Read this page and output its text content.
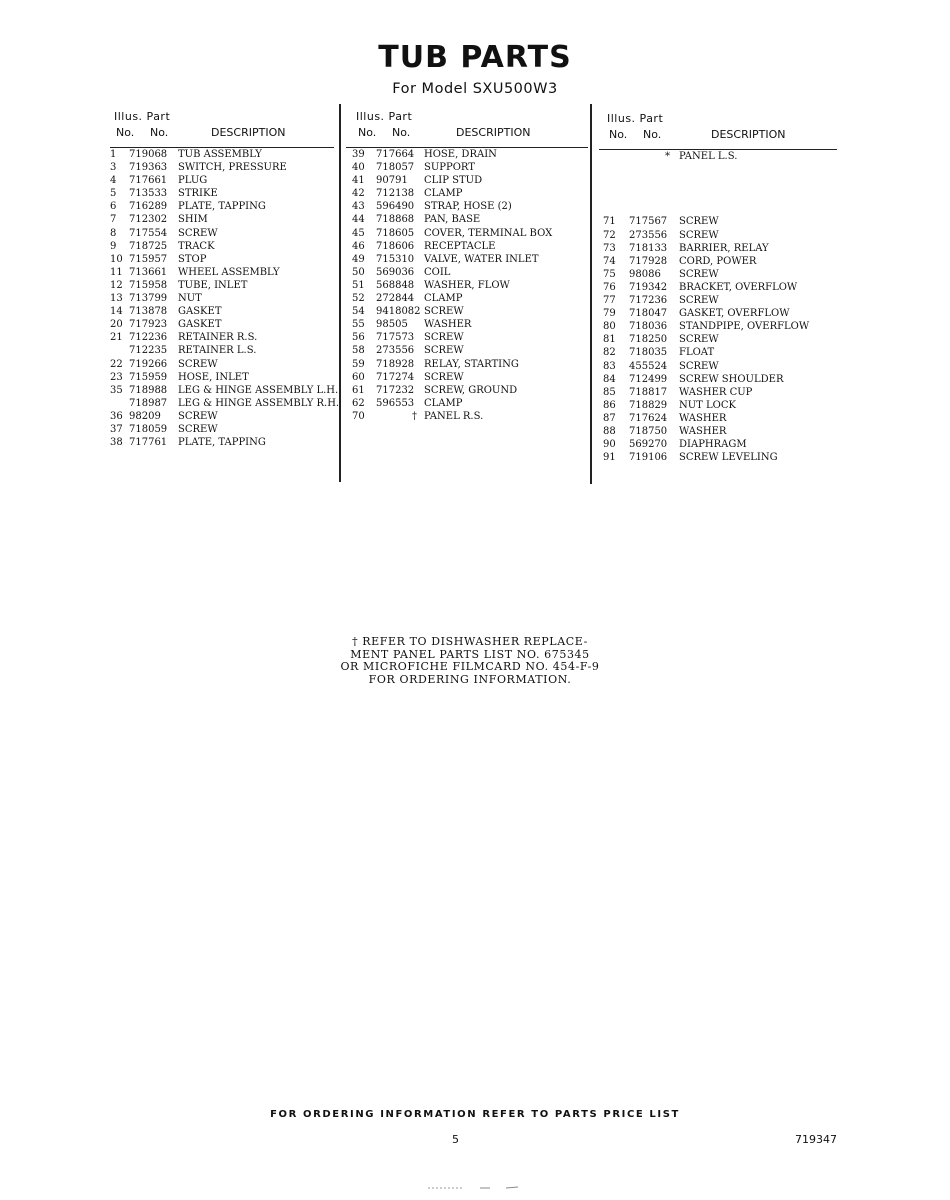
TUB PARTS
For Model SXU500W3
Illus. Part
No. No.	DESCRIPTION
1	719068 TUB ASSEMBLY
3	719363 SWITCH, PRESSURE
4	717661 PLUG
5	713533 STRIKE
6	716289 PLATE, TAPPING
7	712302 SHIM
8	717554 SCREW
9	718725 TRACK
10 715957 STOP
11 713661 WHEEL ASSEMBLY
12 715958 TUBE, INLET
13 713799 NUT
14 713878 GASKET
20 717923 GASKET
21 712236 RETAINER R.S.
712235 RETAINER L.S.
22 719266 SCREW
23 715959 HOSE, INLET
35 718988 LEG & HINGE ASSEMBLY L.H.
718987 LEG & HINGE ASSEMBLY R.H.
36 98209 SCREW
37 718059 SCREW
38 717761 PLATE, TAPPING
Illus. Part
No. No.	DESCRIPTION
39	717664 HOSE, DRAIN
40	718057 SUPPORT
41	90791 CLIP STUD
42	712138 CLAMP
43	596490 STRAP, HOSE (2)
44	718868 PAN, BASE
45	718605 COVER, TERMINAL BOX
46	718606 RECEPTACLE
49	715310 VALVE, WATER INLET
50	569036 COIL
51	568848 WASHER, FLOW
52	272844 CLAMP
54	9418082 SCREW
55	98505 WASHER
56	717573 SCREW
58	273556 SCREW
59	718928 RELAY, STARTING
60	717274 SCREW
61	717232 SCREW, GROUND
62	596553 CLAMP
70	† PANEL R.S.
Illus. Part
No. No.	DESCRIPTION
* PANEL L.S.
71	717567 SCREW
72	273556 SCREW
73	718133 BARRIER, RELAY
74	717928 CORD, POWER
75	98086 SCREW
76	719342 BRACKET, OVERFLOW
77	717236 SCREW
79	718047 GASKET, OVERFLOW
80	718036 STANDPIPE, OVERFLOW
81	718250 SCREW
82	718035 FLOAT
83	455524 SCREW
84	712499 SCREW SHOULDER
85	718817 WASHER CUP
86	718829 NUT LOCK
87	717624 WASHER
88	718750 WASHER
90	569270 DIAPHRAGM
91	719106 SCREW LEVELING
† REFER TO DISHWASHER REPLACE-
MENT PANEL PARTS LIST NO. 675345
OR MICROFICHE FILMCARD NO. 454-F-9
FOR ORDERING INFORMATION.
FOR ORDERING INFORMATION REFER TO PARTS PRICE LIST
5	719347
